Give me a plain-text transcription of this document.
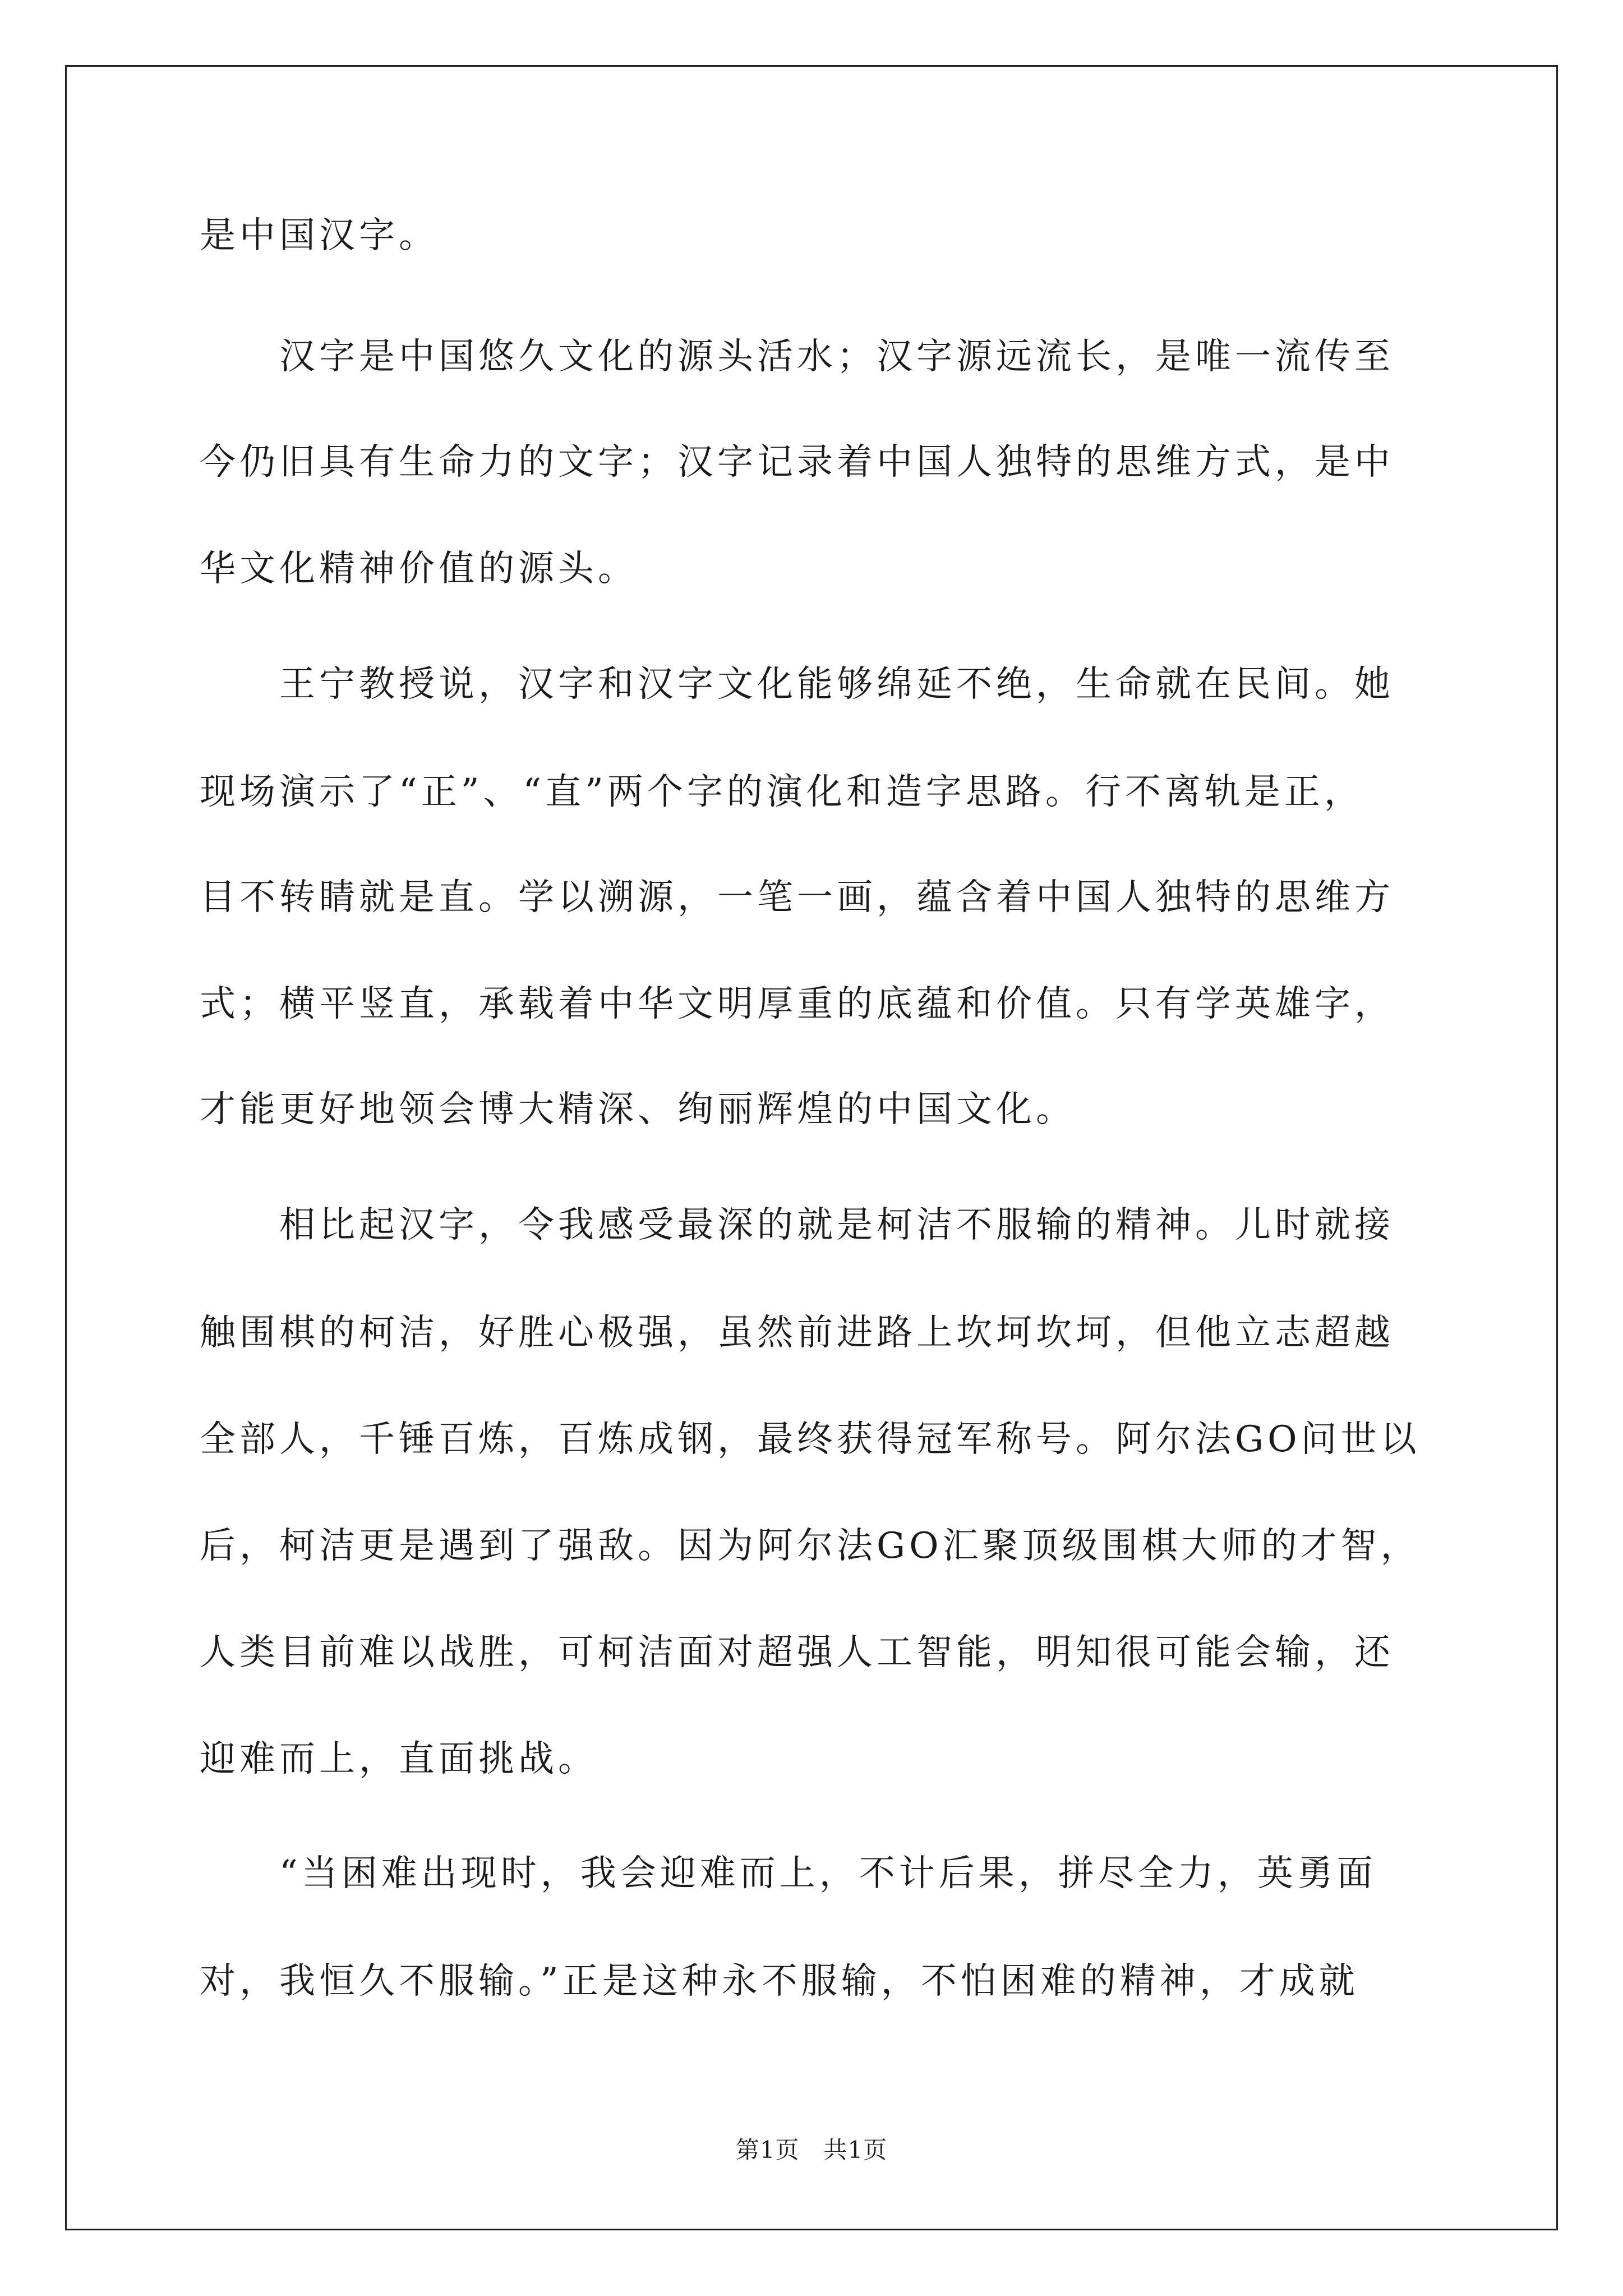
是中国汉字。
　　汉字是中国悠久文化的源头活水；汉字源远流长，是唯一流传至
今仍旧具有生命力的文字；汉字记录着中国人独特的思维方式，是中
华文化精神价值的源头。
　　王宁教授说，汉字和汉字文化能够绵延不绝，生命就在民间。她
现场演示了“正”、“直”两个字的演化和造字思路。行不离轨是正，
目不转睛就是直。学以溯源，一笔一画，蕴含着中国人独特的思维方
式；横平竖直，承载着中华文明厚重的底蕴和价值。只有学英雄字，
才能更好地领会博大精深、绚丽辉煌的中国文化。
　　相比起汉字，令我感受最深的就是柯洁不服输的精神。儿时就接
触围棋的柯洁，好胜心极强，虽然前进路上坎坷坎坷，但他立志超越
全部人，千锤百炼，百炼成钢，最终获得冠军称号。阿尔法GO问世以
后，柯洁更是遇到了强敌。因为阿尔法GO汇聚顶级围棋大师的才智，
人类目前难以战胜，可柯洁面对超强人工智能，明知很可能会输，还
迎难而上，直面挑战。
　　“当困难出现时，我会迎难而上，不计后果，拼尽全力，英勇面
对，我恒久不服输。”正是这种永不服输，不怕困难的精神，才成就
第1页　共1页
